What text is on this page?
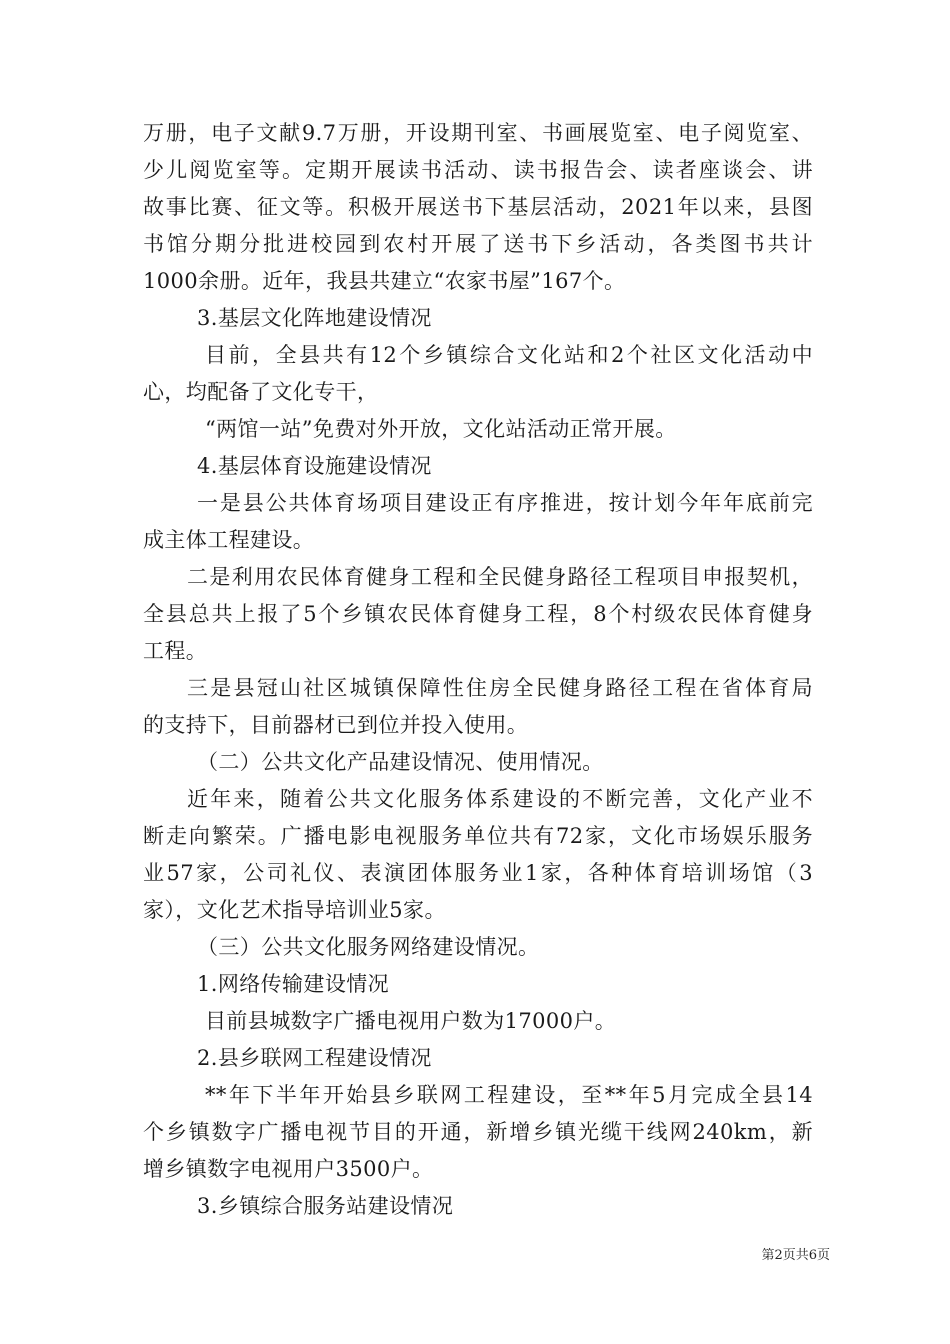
万册，电子文献9.7万册，开设期刊室、书画展览室、电子阅览室、
少儿阅览室等。定期开展读书活动、读书报告会、读者座谈会、讲
故事比赛、征文等。积极开展送书下基层活动，2021年以来，县图
书馆分期分批进校园到农村开展了送书下乡活动，各类图书共计
1000余册。近年，我县共建立“农家书屋”167个。
3.基层文化阵地建设情况
目前，全县共有12个乡镇综合文化站和2个社区文化活动中
心，均配备了文化专干，
“两馆一站”免费对外开放，文化站活动正常开展。
4.基层体育设施建设情况
一是县公共体育场项目建设正有序推进，按计划今年年底前完
成主体工程建设。
二是利用农民体育健身工程和全民健身路径工程项目申报契机，
全县总共上报了5个乡镇农民体育健身工程，8个村级农民体育健身
工程。
三是县冠山社区城镇保障性住房全民健身路径工程在省体育局
的支持下，目前器材已到位并投入使用。
（二）公共文化产品建设情况、使用情况。
近年来，随着公共文化服务体系建设的不断完善，文化产业不
断走向繁荣。广播电影电视服务单位共有72家，文化市场娱乐服务
业57家，公司礼仪、表演团体服务业1家，各种体育培训场馆（3
家），文化艺术指导培训业5家。
（三）公共文化服务网络建设情况。
1.网络传输建设情况
目前县城数字广播电视用户数为17000户。
2.县乡联网工程建设情况
**年下半年开始县乡联网工程建设，至**年5月完成全县14
个乡镇数字广播电视节目的开通，新增乡镇光缆干线网240km，新
增乡镇数字电视用户3500户。
3.乡镇综合服务站建设情况
第2页共6页
